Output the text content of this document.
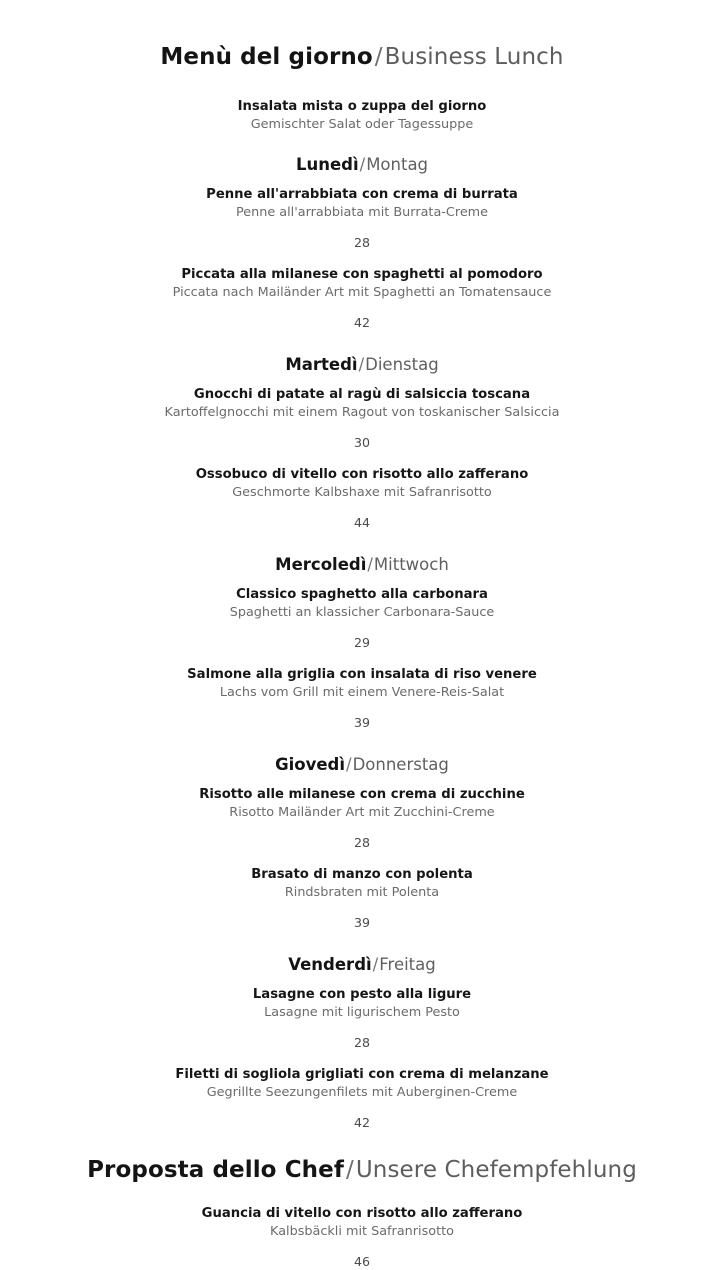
Menù del giorno/Business Lunch

Insalata mista o zuppa del giorno

Gemischter Salat oder Tagessuppe

Lunedì/Montag

Penne all'arrabbiata con crema di burrata

Penne all'arrabbiata mit Burrata-Creme

28

Piccata alla milanese con spaghetti al pomodoro

Piccata nach Mailänder Art mit Spaghetti an Tomatensauce

42

Martedì/Dienstag

Gnocchi di patate al ragù di salsiccia toscana

Kartoffelgnocchi mit einem Ragout von toskanischer Salsiccia

30

Ossobuco di vitello con risotto allo zafferano

Geschmorte Kalbshaxe mit Safranrisotto

44

Mercoledì/Mittwoch

Classico spaghetto alla carbonara

Spaghetti an klassicher Carbonara-Sauce

29

Salmone alla griglia con insalata di riso venere

Lachs vom Grill mit einem Venere-Reis-Salat

39

Giovedì/Donnerstag

Risotto alle milanese con crema di zucchine

Risotto Mailänder Art mit Zucchini-Creme

28

Brasato di manzo con polenta

Rindsbraten mit Polenta

39

Venderdì/Freitag

Lasagne con pesto alla ligure

Lasagne mit ligurischem Pesto

28

Filetti di sogliola grigliati con crema di melanzane

Gegrillte Seezungenfilets mit Auberginen-Creme

42

Proposta dello Chef/Unsere Chefempfehlung

Guancia di vitello con risotto allo zafferano

Kalbsbäckli mit Safranrisotto

46
